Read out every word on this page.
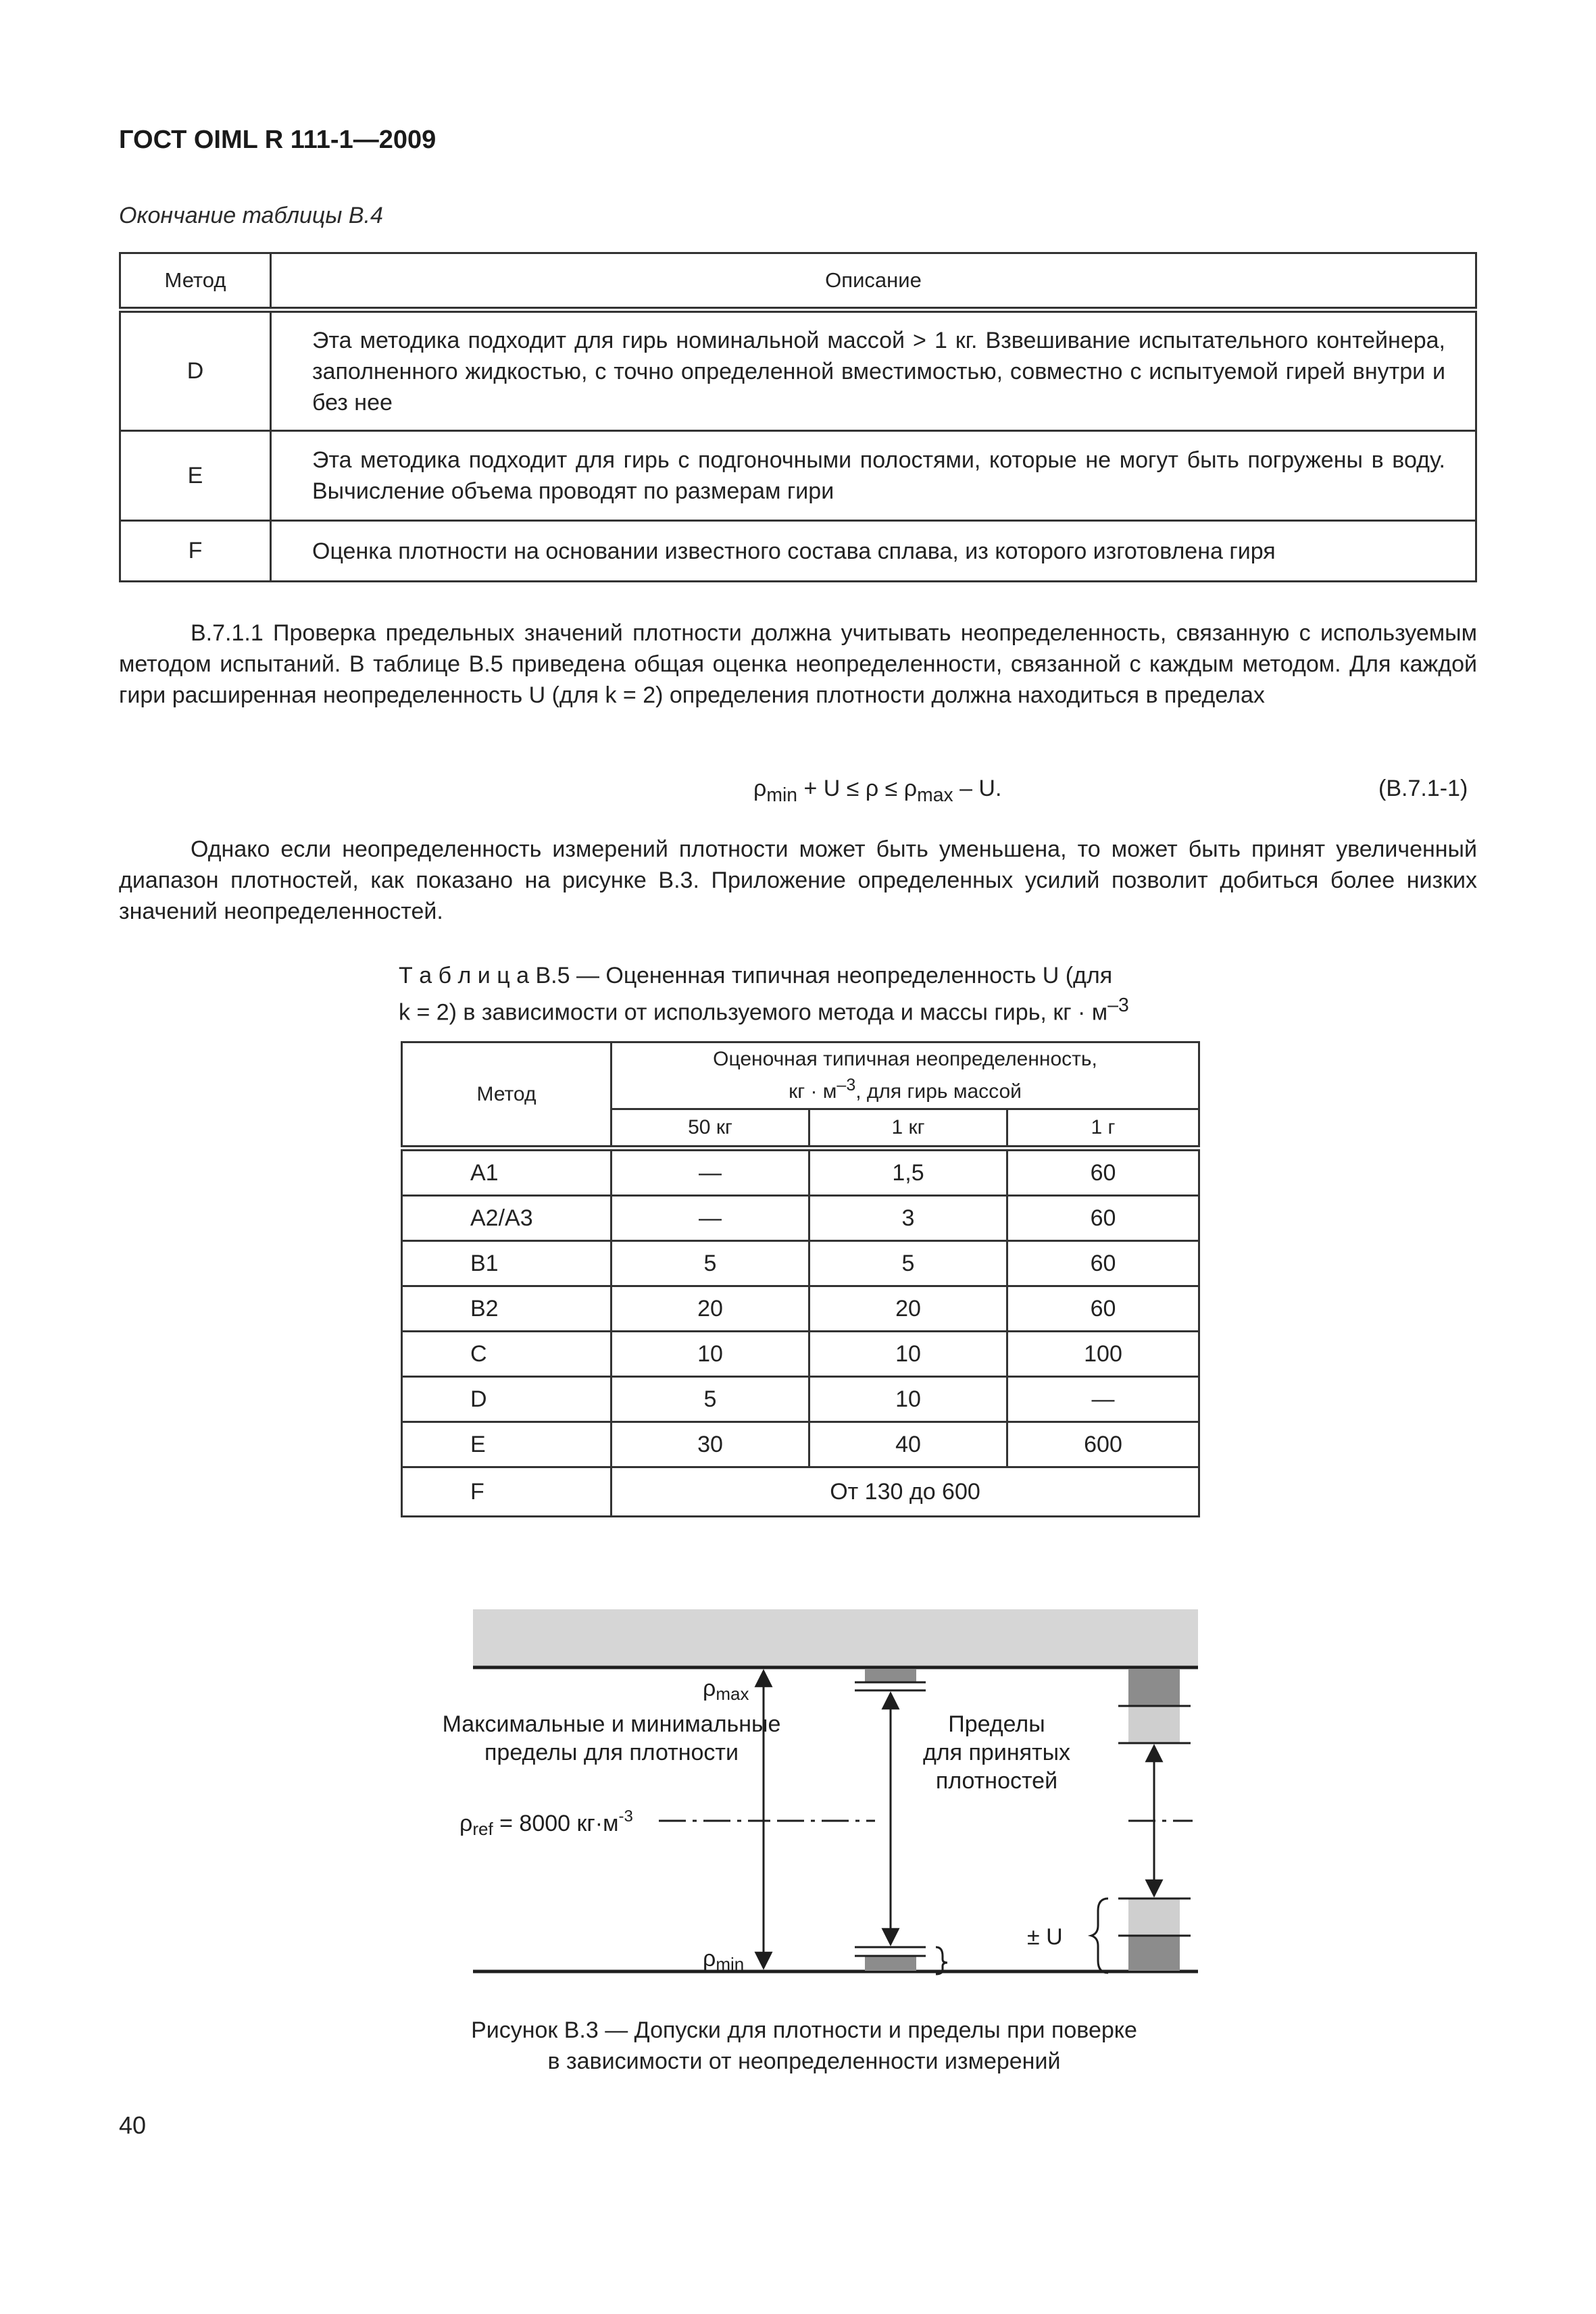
ГОСТ OIML R 111-1—2009
Окончание таблицы В.4
Метод	Описание
D	Эта методика подходит для гирь номинальной массой > 1 кг. Взвешивание испытательного контейнера, заполненного жидкостью, с точно определенной вместимостью, совместно с испытуемой гирей внутри и без нее
E	Эта методика подходит для гирь с подгоночными полостями, которые не могут быть погружены в воду. Вычисление объема проводят по размерам гири
F	Оценка плотности на основании известного состава сплава, из которого изготовлена гиря
В.7.1.1 Проверка предельных значений плотности должна учитывать неопределенность, связанную с используемым методом испытаний. В таблице В.5 приведена общая оценка неопределенности, связанной с каждым методом. Для каждой гири расширенная неопределенность U (для k = 2) определения плотности должна находиться в пределах
$\rho_{min} + U \le \rho \le \rho_{max} - U$.	(В.7.1-1)
Однако если неопределенность измерений плотности может быть уменьшена, то может быть принят увеличенный диапазон плотностей, как показано на рисунке В.3. Приложение определенных усилий позволит добиться более низких значений неопределенностей.
Т а б л и ц а В.5 — Оцененная типичная неопределенность U (для
k = 2) в зависимости от используемого метода и массы гирь, кг · $м^{-3}$
Метод	Оценочная типичная неопределенность,
кг · $м^{-3}$, для гирь массой		

	50 кг	1 кг	1 г
A1	—	1,5	60
A2/A3	—	3	60
B1	5	5	60
B2	20	20	60
C	10	10	100
D	5	10	—
E	30	40	600
F	От 130 до 600		
ρmax
ρmin
Максимальные и минимальные
пределы для плотности
Пределы
для принятых
плотностей
ρref = 8000 $кг\cdot м^{-3}$
± U
Рисунок В.3 — Допуски для плотности и пределы при поверке
в зависимости от неопределенности измерений
40
